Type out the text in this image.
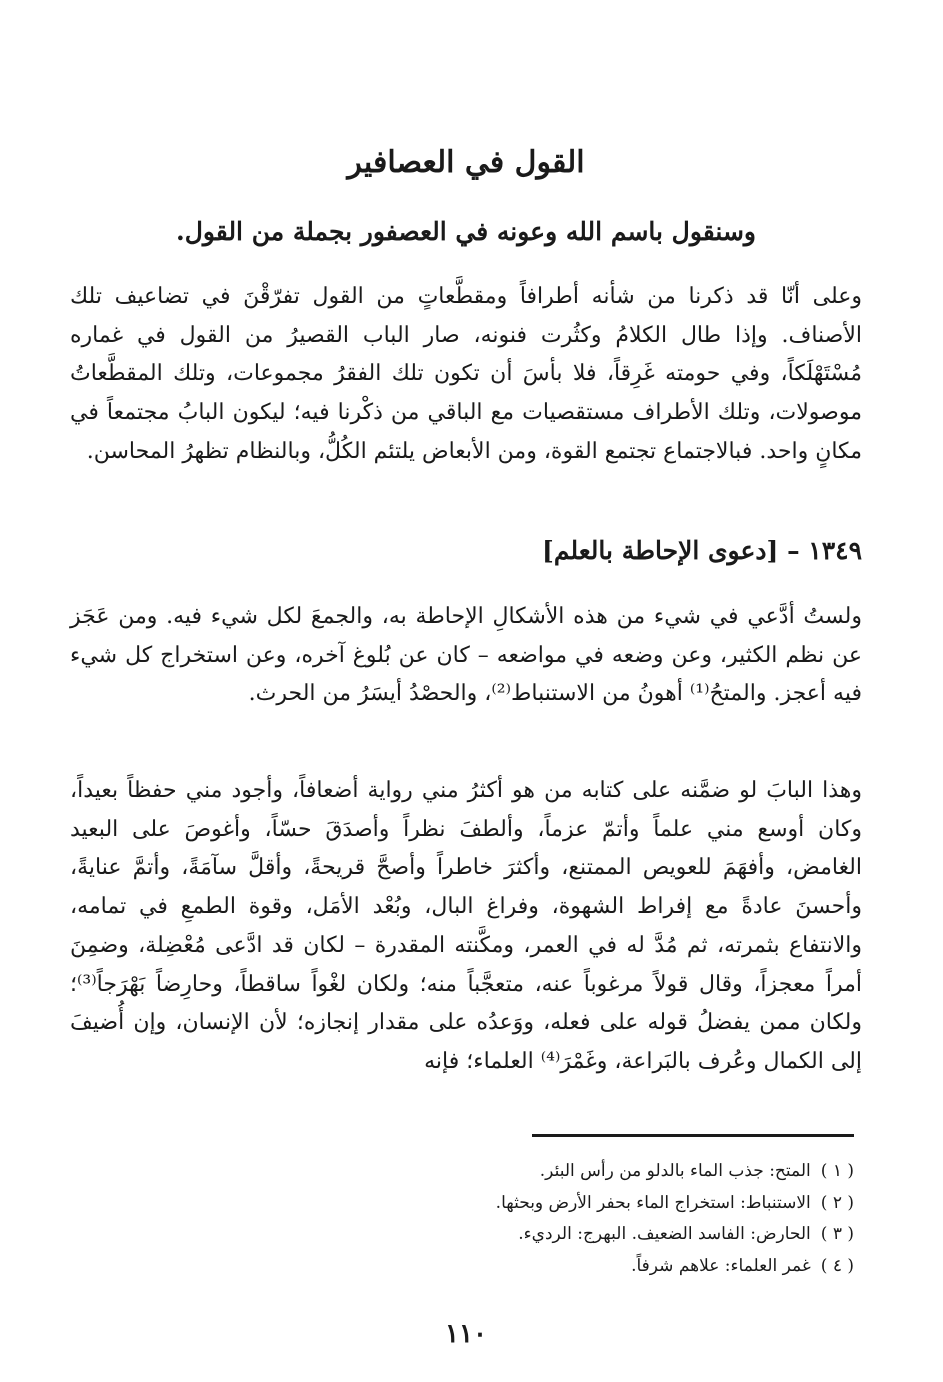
القول في العصافير
وسنقول باسم الله وعونه في العصفور بجملة من القول.

وعلى أنّا قد ذكرنا من شأنه أطرافاً ومقطَّعاتٍ من القول تفرّقْنَ في تضاعيف تلك الأصناف. وإذا طال الكلامُ وكثُرت فنونه، صار الباب القصيرُ من القول في غماره مُسْتَهْلَكاً، وفي حومته غَرِقاً، فلا بأسَ أن تكون تلك الفقرُ مجموعات، وتلك المقطَّعاتُ موصولات، وتلك الأطراف مستقصيات مع الباقي من ذكْرنا فيه؛ ليكون البابُ مجتمعاً في مكانٍ واحد. فبالاجتماع تجتمع القوة، ومن الأبعاض يلتئم الكُلُّ، وبالنظام تظهرُ المحاسن.

١٣٤٩ – [دعوى الإحاطة بالعلم]

ولستُ أدَّعي في شيء من هذه الأشكالِ الإحاطة به، والجمعَ لكل شيء فيه. ومن عَجَز عن نظم الكثير، وعن وضعه في مواضعه – كان عن بُلوغ آخره، وعن استخراج كل شيء فيه أعجز. والمتحُ⁽¹⁾ أهونُ من الاستنباط⁽²⁾، والحصْدُ أيسَرُ من الحرث.

وهذا البابَ لو ضمَّنه على كتابه من هو أكثرُ مني رواية أضعافاً، وأجود مني حفظاً بعيداً، وكان أوسع مني علماً وأتمّ عزماً، وألطفَ نظراً وأصدَقَ حسّاً، وأغوصَ على البعيد الغامض، وأفهَمَ للعويص الممتنع، وأكثرَ خاطراً وأصحَّ قريحةً، وأقلَّ سآمَةً، وأتمَّ عنايةً، وأحسنَ عادةً مع إفراط الشهوة، وفراغ البال، وبُعْد الأمَل، وقوة الطمعِ في تمامه، والانتفاع بثمرته، ثم مُدَّ له في العمر، ومكَّنته المقدرة – لكان قد ادَّعى مُعْضِلة، وضمِنَ أمراً معجزاً، وقال قولاً مرغوباً عنه، متعجَّباً منه؛ ولكان لغْواً ساقطاً، وحارِضاً بَهْرَجاً⁽³⁾؛ ولكان ممن يفضلُ قوله على فعله، ووَعدُه على مقدار إنجازه؛ لأن الإنسان، وإن أُضيفَ إلى الكمال وعُرف بالبَراعة، وغَمْرَ⁽⁴⁾ العلماء؛ فإنه

( ١ )المتح: جذب الماء بالدلو من رأس البئر.
( ٢ )الاستنباط: استخراج الماء بحفر الأرض وبحثها.
( ٣ )الحارض: الفاسد الضعيف. البهرج: الرديء.
( ٤ )غمر العلماء: علاهم شرفاً.
١١٠
